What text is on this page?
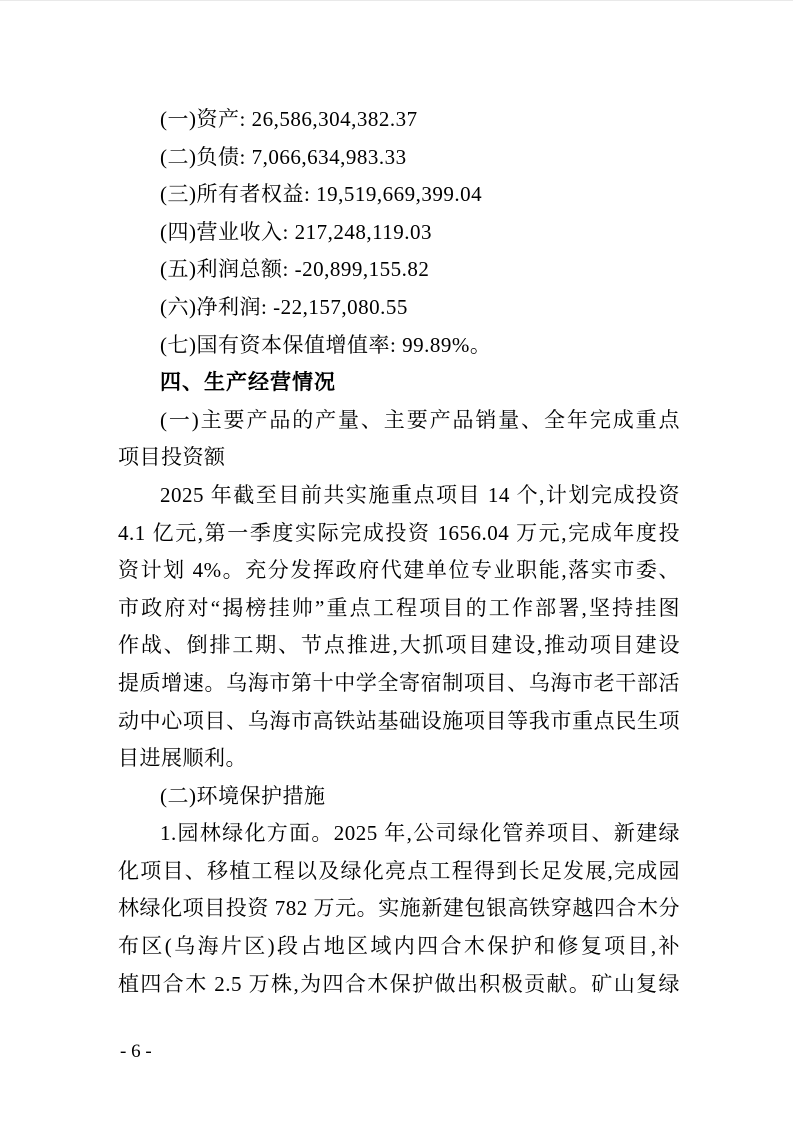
(一)资产: 26,586,304,382.37
(二)负债: 7,066,634,983.33
(三)所有者权益: 19,519,669,399.04
(四)营业收入: 217,248,119.03
(五)利润总额: -20,899,155.82
(六)净利润: -22,157,080.55
(七)国有资本保值增值率: 99.89%。
四、生产经营情况
(一)主要产品的产量、主要产品销量、全年完成重点
项目投资额
2025 年截至目前共实施重点项目 14 个,计划完成投资
4.1 亿元,第一季度实际完成投资 1656.04 万元,完成年度投
资计划 4%。充分发挥政府代建单位专业职能,落实市委、
市政府对“揭榜挂帅”重点工程项目的工作部署,坚持挂图
作战、倒排工期、节点推进,大抓项目建设,推动项目建设
提质增速。乌海市第十中学全寄宿制项目、乌海市老干部活
动中心项目、乌海市高铁站基础设施项目等我市重点民生项
目进展顺利。
(二)环境保护措施
1.园林绿化方面。2025 年,公司绿化管养项目、新建绿
化项目、移植工程以及绿化亮点工程得到长足发展,完成园
林绿化项目投资 782 万元。实施新建包银高铁穿越四合木分
布区(乌海片区)段占地区域内四合木保护和修复项目,补
植四合木 2.5 万株,为四合木保护做出积极贡献。矿山复绿
- 6 -
